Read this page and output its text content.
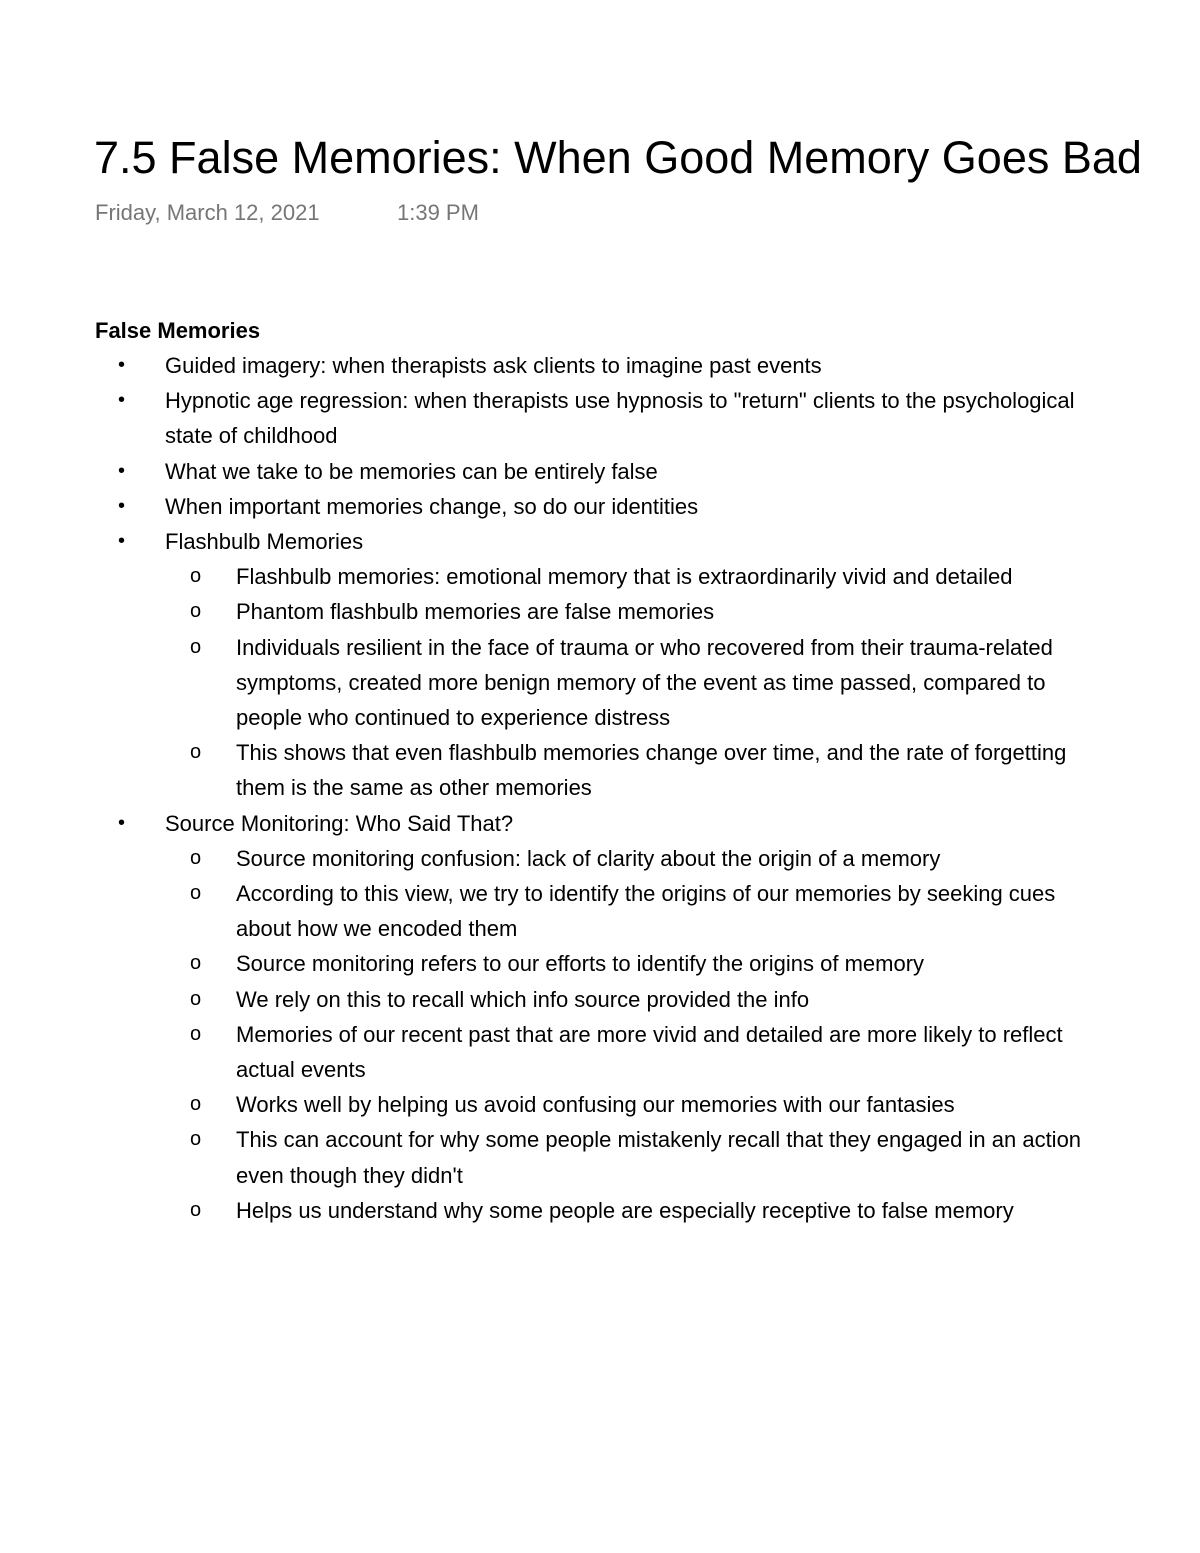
7.5 False Memories: When Good Memory Goes Bad
Friday, March 12, 2021	1:39 PM
False Memories
• Guided imagery: when therapists ask clients to imagine past events
• Hypnotic age regression: when therapists use hypnosis to "return" clients to the psychological state of childhood
• What we take to be memories can be entirely false
• When important memories change, so do our identities
• Flashbulb Memories
o Flashbulb memories: emotional memory that is extraordinarily vivid and detailed
o Phantom flashbulb memories are false memories
o Individuals resilient in the face of trauma or who recovered from their trauma-related symptoms, created more benign memory of the event as time passed, compared to people who continued to experience distress
o This shows that even flashbulb memories change over time, and the rate of forgetting them is the same as other memories
• Source Monitoring: Who Said That?
o Source monitoring confusion: lack of clarity about the origin of a memory
o According to this view, we try to identify the origins of our memories by seeking cues about how we encoded them
o Source monitoring refers to our efforts to identify the origins of memory
o We rely on this to recall which info source provided the info
o Memories of our recent past that are more vivid and detailed are more likely to reflect actual events
o Works well by helping us avoid confusing our memories with our fantasies
o This can account for why some people mistakenly recall that they engaged in an action even though they didn't
o Helps us understand why some people are especially receptive to false memory
